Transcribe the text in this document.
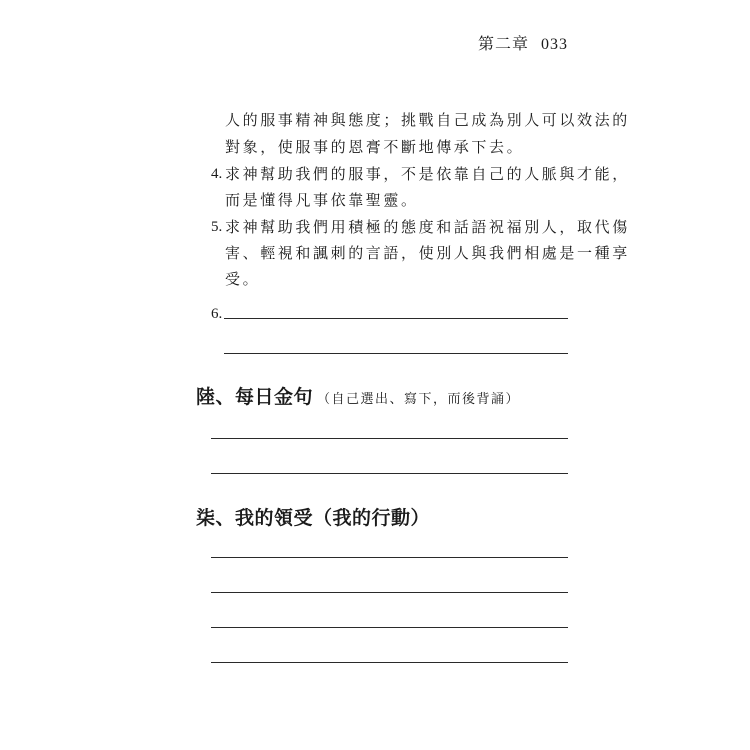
第二章 033
人的服事精神與態度；挑戰自己成為別人可以效法的
對象，使服事的恩膏不斷地傳承下去。
4. 求神幫助我們的服事，不是依靠自己的人脈與才能，
而是懂得凡事依靠聖靈。
5. 求神幫助我們用積極的態度和話語祝福別人，取代傷
害、輕視和諷刺的言語，使別人與我們相處是一種享
受。
6.
陸、每日金句 （自己選出、寫下，而後背誦）
柒、我的領受（我的行動）
